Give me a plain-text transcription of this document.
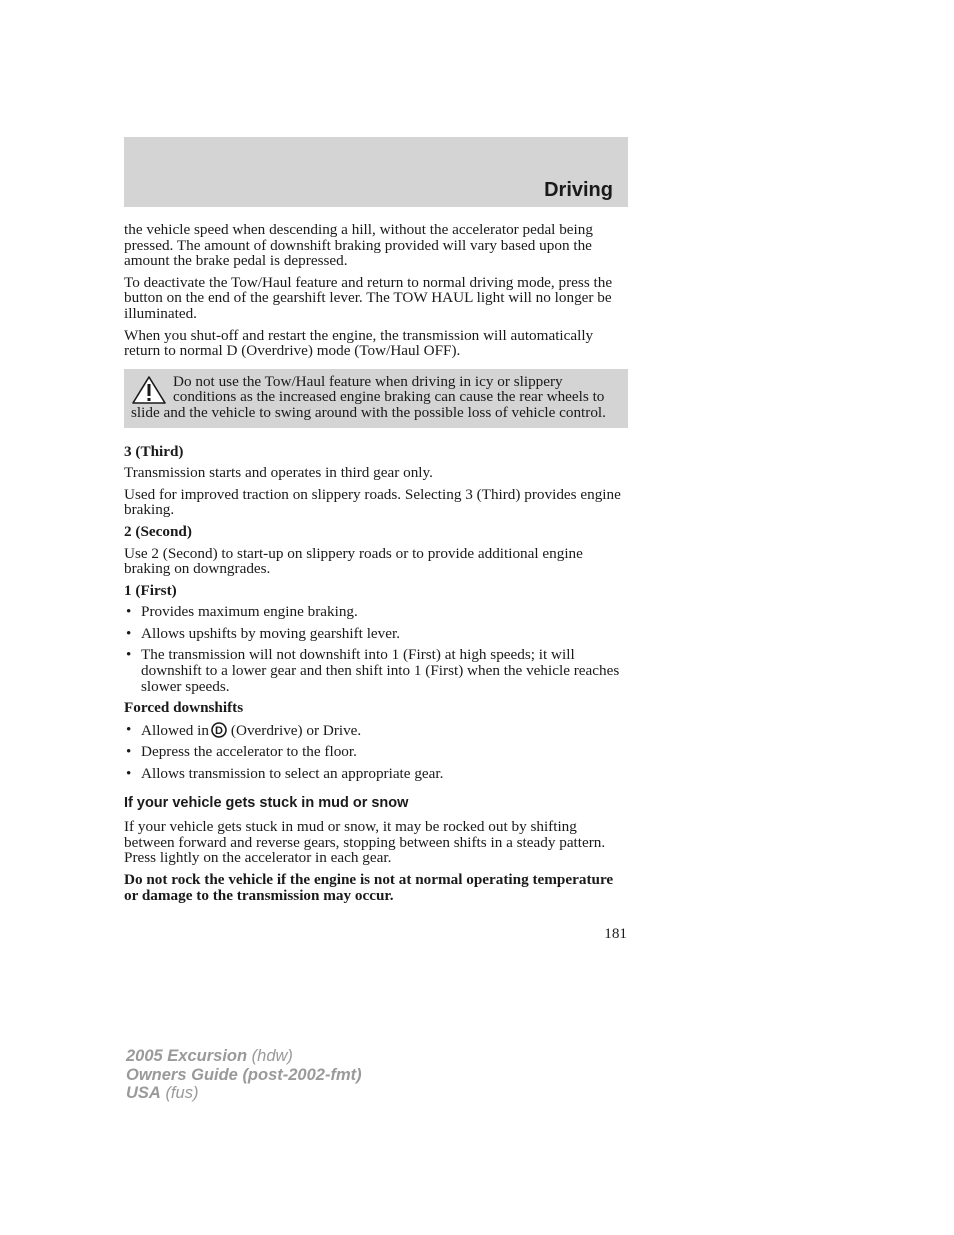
Driving

the vehicle speed when descending a hill, without the accelerator pedal being pressed. The amount of downshift braking provided will vary based upon the amount the brake pedal is depressed.

To deactivate the Tow/Haul feature and return to normal driving mode, press the button on the end of the gearshift lever. The TOW HAUL light will no longer be illuminated.

When you shut-off and restart the engine, the transmission will automatically return to normal D (Overdrive) mode (Tow/Haul OFF).

Do not use the Tow/Haul feature when driving in icy or slippery conditions as the increased engine braking can cause the rear wheels to slide and the vehicle to swing around with the possible loss of vehicle control.

3 (Third)

Transmission starts and operates in third gear only.

Used for improved traction on slippery roads. Selecting 3 (Third) provides engine braking.

2 (Second)

Use 2 (Second) to start-up on slippery roads or to provide additional engine braking on downgrades.

1 (First)

• Provides maximum engine braking.
• Allows upshifts by moving gearshift lever.
• The transmission will not downshift into 1 (First) at high speeds; it will downshift to a lower gear and then shift into 1 (First) when the vehicle reaches slower speeds.

Forced downshifts

• Allowed in D (Overdrive) or Drive.
• Depress the accelerator to the floor.
• Allows transmission to select an appropriate gear.

If your vehicle gets stuck in mud or snow

If your vehicle gets stuck in mud or snow, it may be rocked out by shifting between forward and reverse gears, stopping between shifts in a steady pattern. Press lightly on the accelerator in each gear.

Do not rock the vehicle if the engine is not at normal operating temperature or damage to the transmission may occur.

181
2005 Excursion (hdw)
Owners Guide (post-2002-fmt)
USA (fus)
